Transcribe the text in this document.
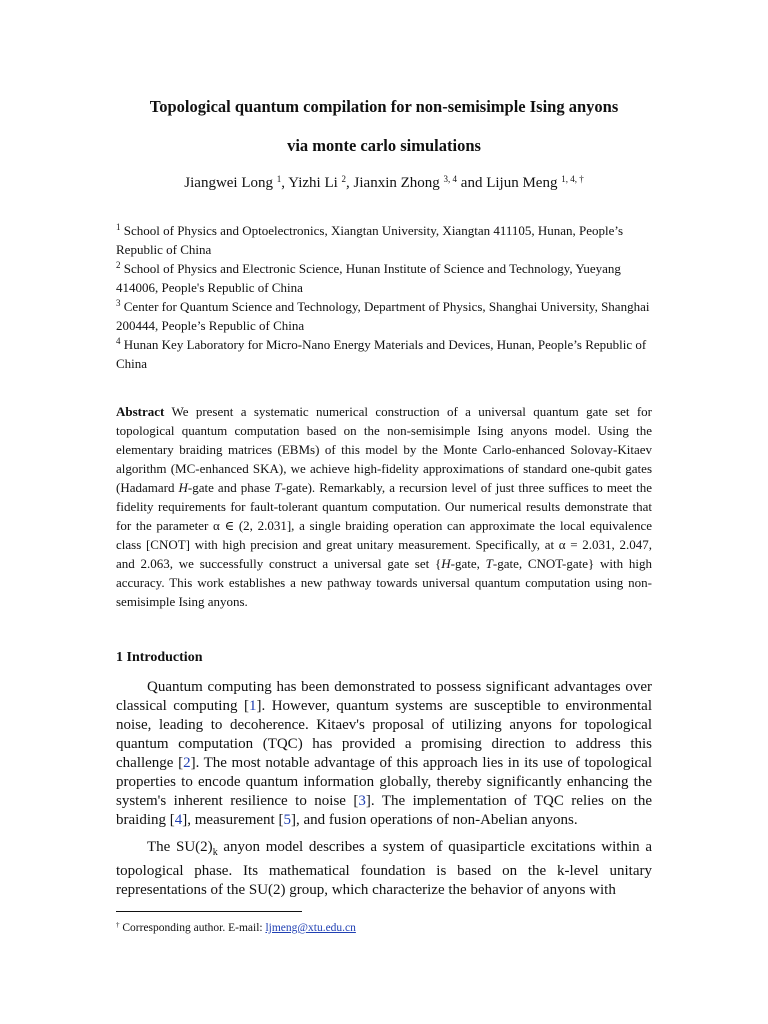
Topological quantum compilation for non-semisimple Ising anyons
via monte carlo simulations
Jiangwei Long $^1$, Yizhi Li $^2$, Jianxin Zhong $^{3, 4}$ and Lijun Meng $^{1, 4, \dagger}$

$^1$ School of Physics and Optoelectronics, Xiangtan University, Xiangtan 411105, Hunan, People’s Republic of China

$^2$ School of Physics and Electronic Science, Hunan Institute of Science and Technology, Yueyang 414006, People's Republic of China

$^3$ Center for Quantum Science and Technology, Department of Physics, Shanghai University, Shanghai 200444, People’s Republic of China

$^4$ Hunan Key Laboratory for Micro-Nano Energy Materials and Devices, Hunan, People’s Republic of China

Abstract We present a systematic numerical construction of a universal quantum gate set for topological quantum computation based on the non-semisimple Ising anyons model. Using the elementary braiding matrices (EBMs) of this model by the Monte Carlo-enhanced Solovay-Kitaev algorithm (MC-enhanced SKA), we achieve high-fidelity approximations of standard one-qubit gates (Hadamard H-gate and phase T-gate). Remarkably, a recursion level of just three suffices to meet the fidelity requirements for fault-tolerant quantum computation. Our numerical results demonstrate that for the parameter α ∈ (2, 2.031], a single braiding operation can approximate the local equivalence class [CNOT] with high precision and great unitary measurement. Specifically, at α = 2.031, 2.047, and 2.063, we successfully construct a universal gate set {H-gate, T-gate, CNOT-gate} with high accuracy. This work establishes a new pathway towards universal quantum computation using non-semisimple Ising anyons.
1 Introduction

Quantum computing has been demonstrated to possess significant advantages over classical computing [1]. However, quantum systems are susceptible to environmental noise, leading to decoherence. Kitaev's proposal of utilizing anyons for topological quantum computation (TQC) has provided a promising direction to address this challenge [2]. The most notable advantage of this approach lies in its use of topological properties to encode quantum information globally, thereby significantly enhancing the system's inherent resilience to noise [3]. The implementation of TQC relies on the braiding [4], measurement [5], and fusion operations of non-Abelian anyons.

The $SU(2)_k$ anyon model describes a system of quasiparticle excitations within a topological phase. Its mathematical foundation is based on the k-level unitary representations of the SU(2) group, which characterize the behavior of anyons with

† Corresponding author. E-mail: ljmeng@xtu.edu.cn
